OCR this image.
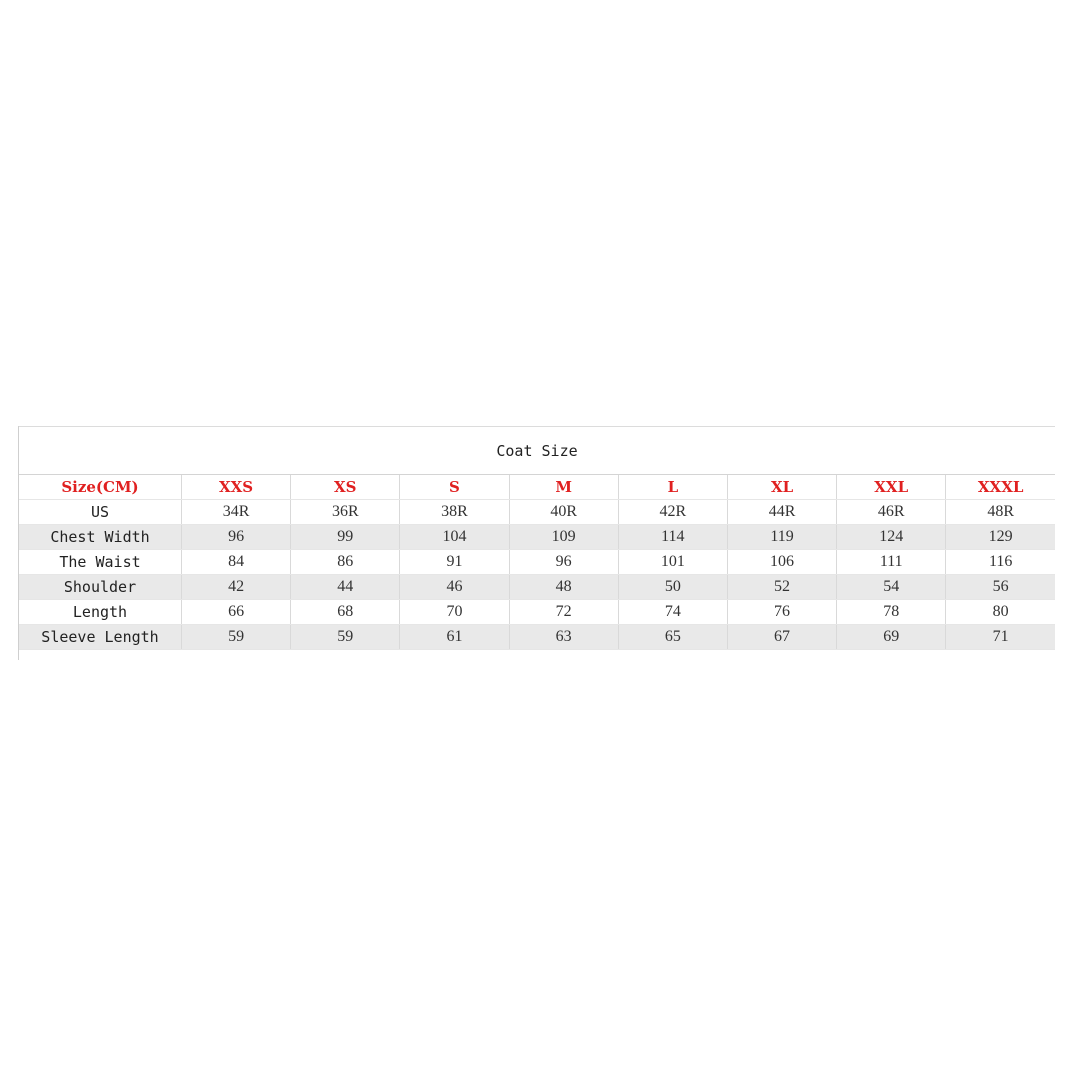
Coat Size
Size(CM)	XXS	XS	S	M	L	XL	XXL	XXXL
US	34R	36R	38R	40R	42R	44R	46R	48R
Chest Width	96	99	104	109	114	119	124	129
The Waist	84	86	91	96	101	106	111	116
Shoulder	42	44	46	48	50	52	54	56
Length	66	68	70	72	74	76	78	80
Sleeve Length	59	59	61	63	65	67	69	71
